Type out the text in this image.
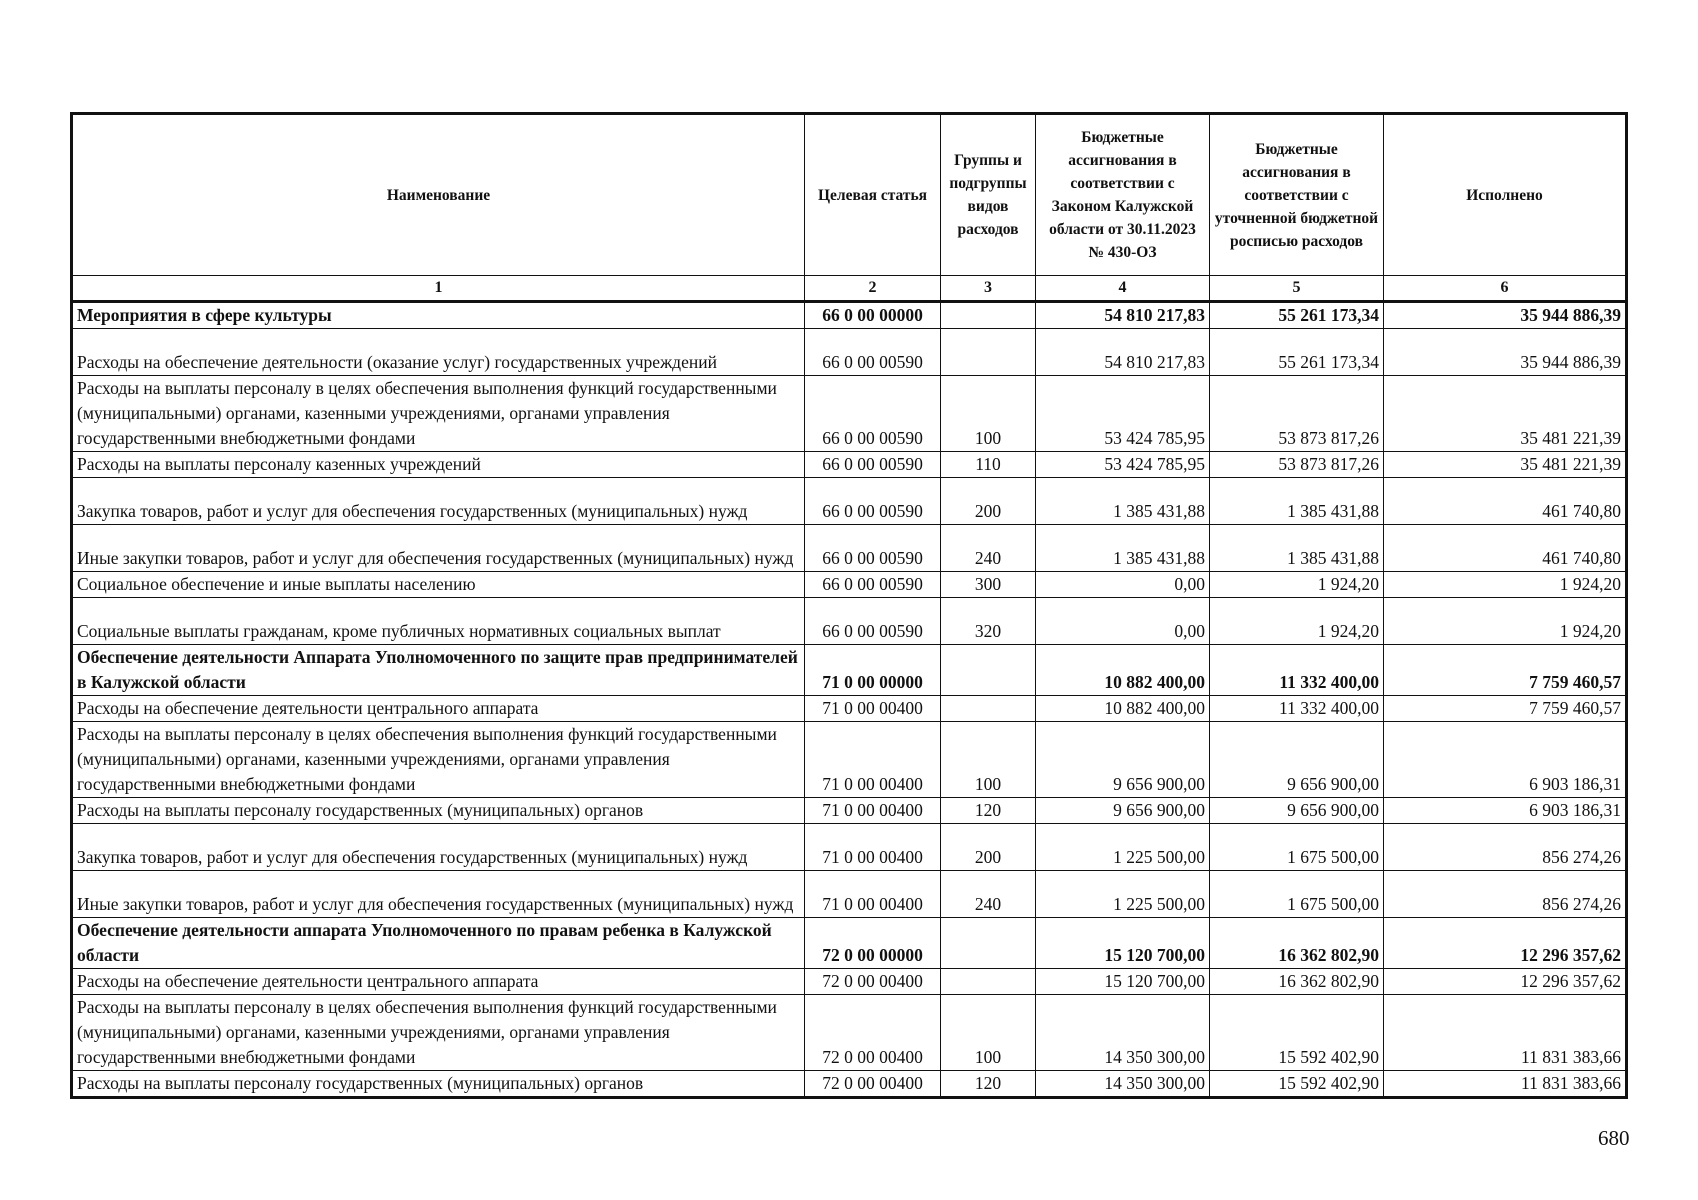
Наименование	Целевая статья	Группы и подгруппы видов расходов	Бюджетные ассигнования в соответствии с Законом Калужской области от 30.11.2023 № 430-ОЗ	Бюджетные ассигнования в соответствии с уточненной бюджетной росписью расходов	Исполнено
1	2	3	4	5	6
Мероприятия в сфере культуры	66 0 00 00000		54 810 217,83	55 261 173,34	35 944 886,39
Расходы на обеспечение деятельности (оказание услуг) государственных учреждений	66 0 00 00590		54 810 217,83	55 261 173,34	35 944 886,39
Расходы на выплаты персоналу в целях обеспечения выполнения функций государственными (муниципальными) органами, казенными учреждениями, органами управления государственными внебюджетными фондами	66 0 00 00590	100	53 424 785,95	53 873 817,26	35 481 221,39
Расходы на выплаты персоналу казенных учреждений	66 0 00 00590	110	53 424 785,95	53 873 817,26	35 481 221,39
Закупка товаров, работ и услуг для обеспечения государственных (муниципальных) нужд	66 0 00 00590	200	1 385 431,88	1 385 431,88	461 740,80
Иные закупки товаров, работ и услуг для обеспечения государственных (муниципальных) нужд	66 0 00 00590	240	1 385 431,88	1 385 431,88	461 740,80
Социальное обеспечение и иные выплаты населению	66 0 00 00590	300	0,00	1 924,20	1 924,20
Социальные выплаты гражданам, кроме публичных нормативных социальных выплат	66 0 00 00590	320	0,00	1 924,20	1 924,20
Обеспечение деятельности Аппарата Уполномоченного по защите прав предпринимателей в Калужской области	71 0 00 00000		10 882 400,00	11 332 400,00	7 759 460,57
Расходы на обеспечение деятельности центрального аппарата	71 0 00 00400		10 882 400,00	11 332 400,00	7 759 460,57
Расходы на выплаты персоналу в целях обеспечения выполнения функций государственными (муниципальными) органами, казенными учреждениями, органами управления государственными внебюджетными фондами	71 0 00 00400	100	9 656 900,00	9 656 900,00	6 903 186,31
Расходы на выплаты персоналу государственных (муниципальных) органов	71 0 00 00400	120	9 656 900,00	9 656 900,00	6 903 186,31
Закупка товаров, работ и услуг для обеспечения государственных (муниципальных) нужд	71 0 00 00400	200	1 225 500,00	1 675 500,00	856 274,26
Иные закупки товаров, работ и услуг для обеспечения государственных (муниципальных) нужд	71 0 00 00400	240	1 225 500,00	1 675 500,00	856 274,26
Обеспечение деятельности аппарата Уполномоченного по правам ребенка в Калужской области	72 0 00 00000		15 120 700,00	16 362 802,90	12 296 357,62
Расходы на обеспечение деятельности центрального аппарата	72 0 00 00400		15 120 700,00	16 362 802,90	12 296 357,62
Расходы на выплаты персоналу в целях обеспечения выполнения функций государственными (муниципальными) органами, казенными учреждениями, органами управления государственными внебюджетными фондами	72 0 00 00400	100	14 350 300,00	15 592 402,90	11 831 383,66
Расходы на выплаты персоналу государственных (муниципальных) органов	72 0 00 00400	120	14 350 300,00	15 592 402,90	11 831 383,66
680
